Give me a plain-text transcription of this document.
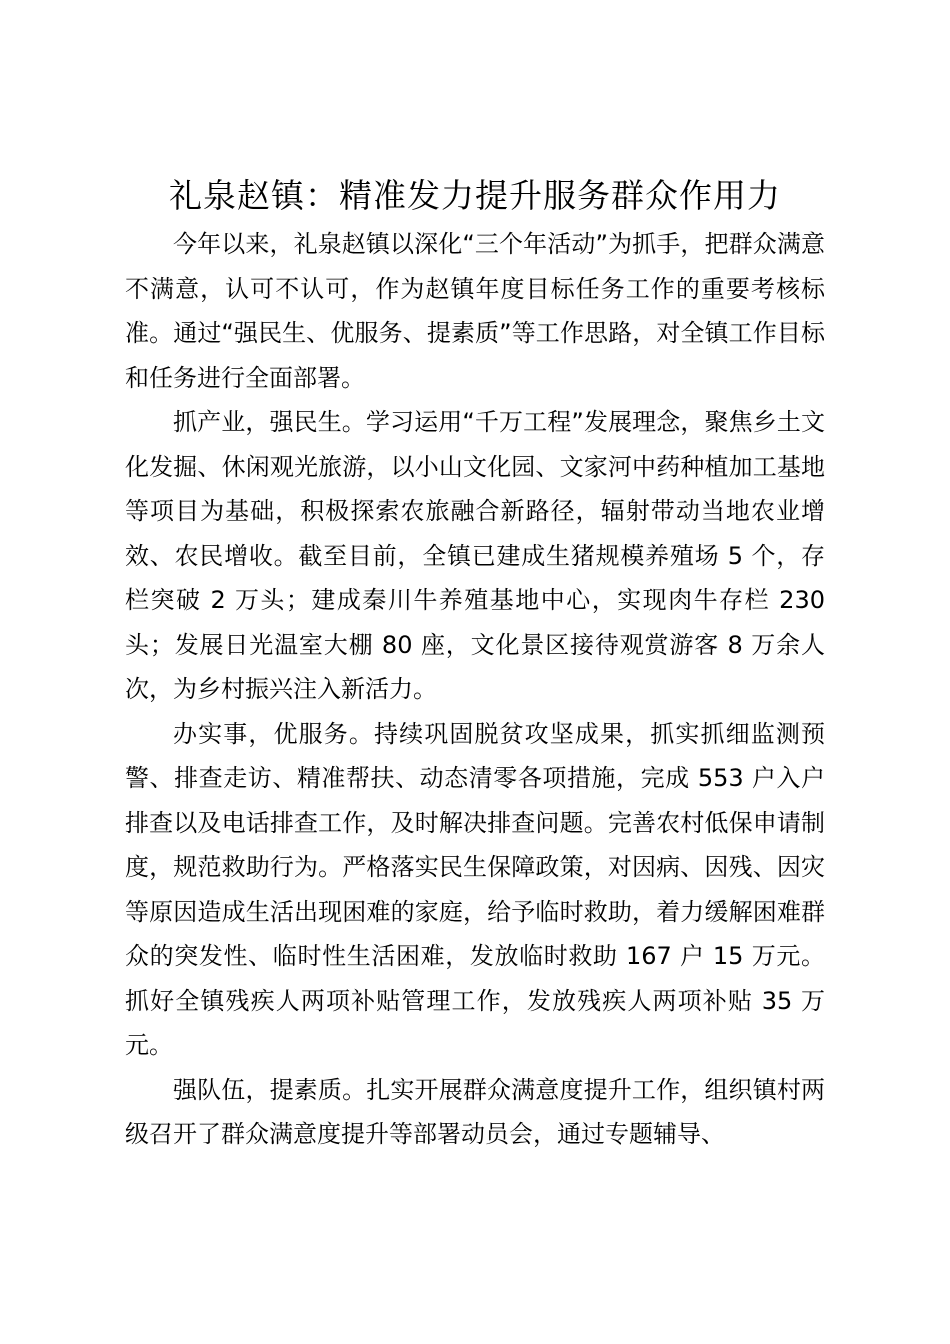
礼泉赵镇：精准发力提升服务群众作用力

今年以来，礼泉赵镇以深化“三个年活动”为抓手，把群众满意不满意，认可不认可，作为赵镇年度目标任务工作的重要考核标准。通过“强民生、优服务、提素质”等工作思路，对全镇工作目标和任务进行全面部署。

抓产业，强民生。学习运用“千万工程”发展理念，聚焦乡土文化发掘、休闲观光旅游，以小山文化园、文家河中药种植加工基地等项目为基础，积极探索农旅融合新路径，辐射带动当地农业增效、农民增收。截至目前，全镇已建成生猪规模养殖场 5 个，存栏突破 2 万头；建成秦川牛养殖基地中心，实现肉牛存栏 230 头；发展日光温室大棚 80 座，文化景区接待观赏游客 8 万余人次，为乡村振兴注入新活力。

办实事，优服务。持续巩固脱贫攻坚成果，抓实抓细监测预警、排查走访、精准帮扶、动态清零各项措施，完成 553 户入户排查以及电话排查工作，及时解决排查问题。完善农村低保申请制度，规范救助行为。严格落实民生保障政策，对因病、因残、因灾等原因造成生活出现困难的家庭，给予临时救助，着力缓解困难群众的突发性、临时性生活困难，发放临时救助 167 户 15 万元。抓好全镇残疾人两项补贴管理工作，发放残疾人两项补贴 35 万元。

强队伍，提素质。扎实开展群众满意度提升工作，组织镇村两级召开了群众满意度提升等部署动员会，通过专题辅导、
